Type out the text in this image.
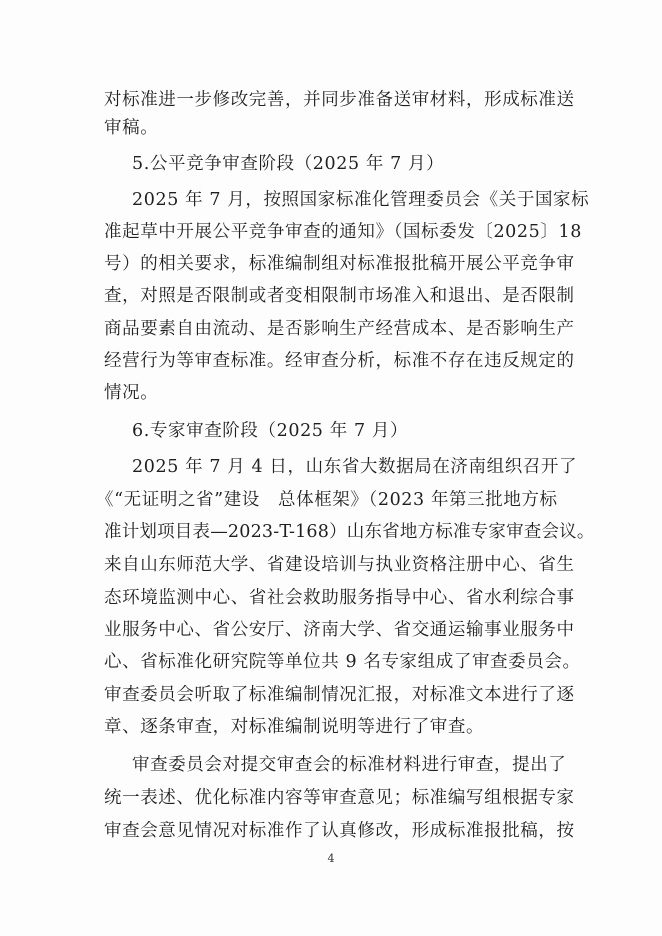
对标准进一步修改完善，并同步准备送审材料，形成标准送
审稿。
5.公平竞争审查阶段（2025 年 7 月）
2025 年 7 月，按照国家标准化管理委员会《关于国家标
准起草中开展公平竞争审查的通知》（国标委发〔2025〕18
号）的相关要求，标准编制组对标准报批稿开展公平竞争审
查，对照是否限制或者变相限制市场准入和退出、是否限制
商品要素自由流动、是否影响生产经营成本、是否影响生产
经营行为等审查标准。经审查分析，标准不存在违反规定的
情况。
6.专家审查阶段（2025 年 7 月）
2025 年 7 月 4 日，山东省大数据局在济南组织召开了
《“无证明之省”建设　总体框架》（2023 年第三批地方标
准计划项目表—2023-T-168）山东省地方标准专家审查会议。
来自山东师范大学、省建设培训与执业资格注册中心、省生
态环境监测中心、省社会救助服务指导中心、省水利综合事
业服务中心、省公安厅、济南大学、省交通运输事业服务中
心、省标准化研究院等单位共 9 名专家组成了审查委员会。
审查委员会听取了标准编制情况汇报，对标准文本进行了逐
章、逐条审查，对标准编制说明等进行了审查。
审查委员会对提交审查会的标准材料进行审查，提出了
统一表述、优化标准内容等审查意见；标准编写组根据专家
审查会意见情况对标准作了认真修改，形成标准报批稿，按
4
